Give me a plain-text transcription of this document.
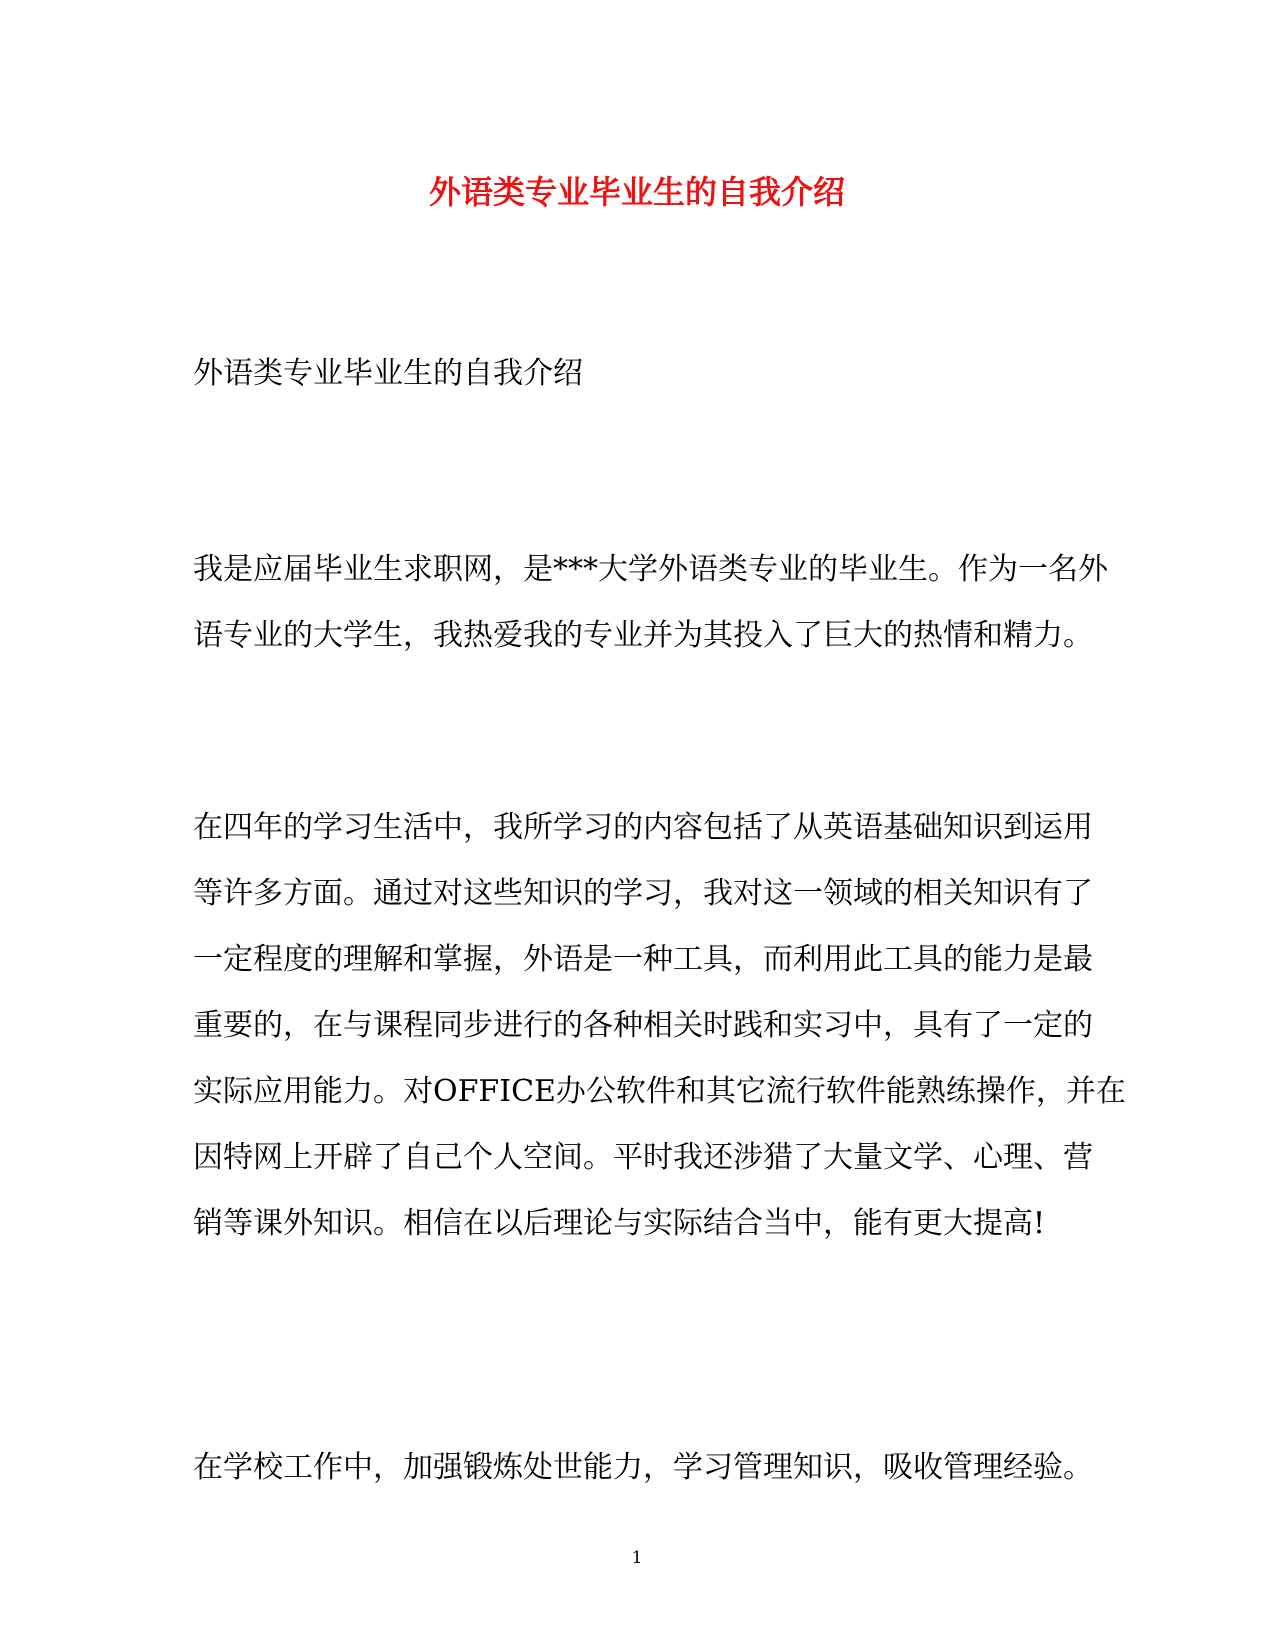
外语类专业毕业生的自我介绍
外语类专业毕业生的自我介绍

我是应届毕业生求职网，是***大学外语类专业的毕业生。作为一名外
语专业的大学生，我热爱我的专业并为其投入了巨大的热情和精力。

在四年的学习生活中，我所学习的内容包括了从英语基础知识到运用
等许多方面。通过对这些知识的学习，我对这一领域的相关知识有了
一定程度的理解和掌握，外语是一种工具，而利用此工具的能力是最
重要的，在与课程同步进行的各种相关时践和实习中，具有了一定的
实际应用能力。对OFFICE办公软件和其它流行软件能熟练操作，并在
因特网上开辟了自己个人空间。平时我还涉猎了大量文学、心理、营
销等课外知识。相信在以后理论与实际结合当中，能有更大提高!

在学校工作中，加强锻炼处世能力，学习管理知识，吸收管理经验。

1
